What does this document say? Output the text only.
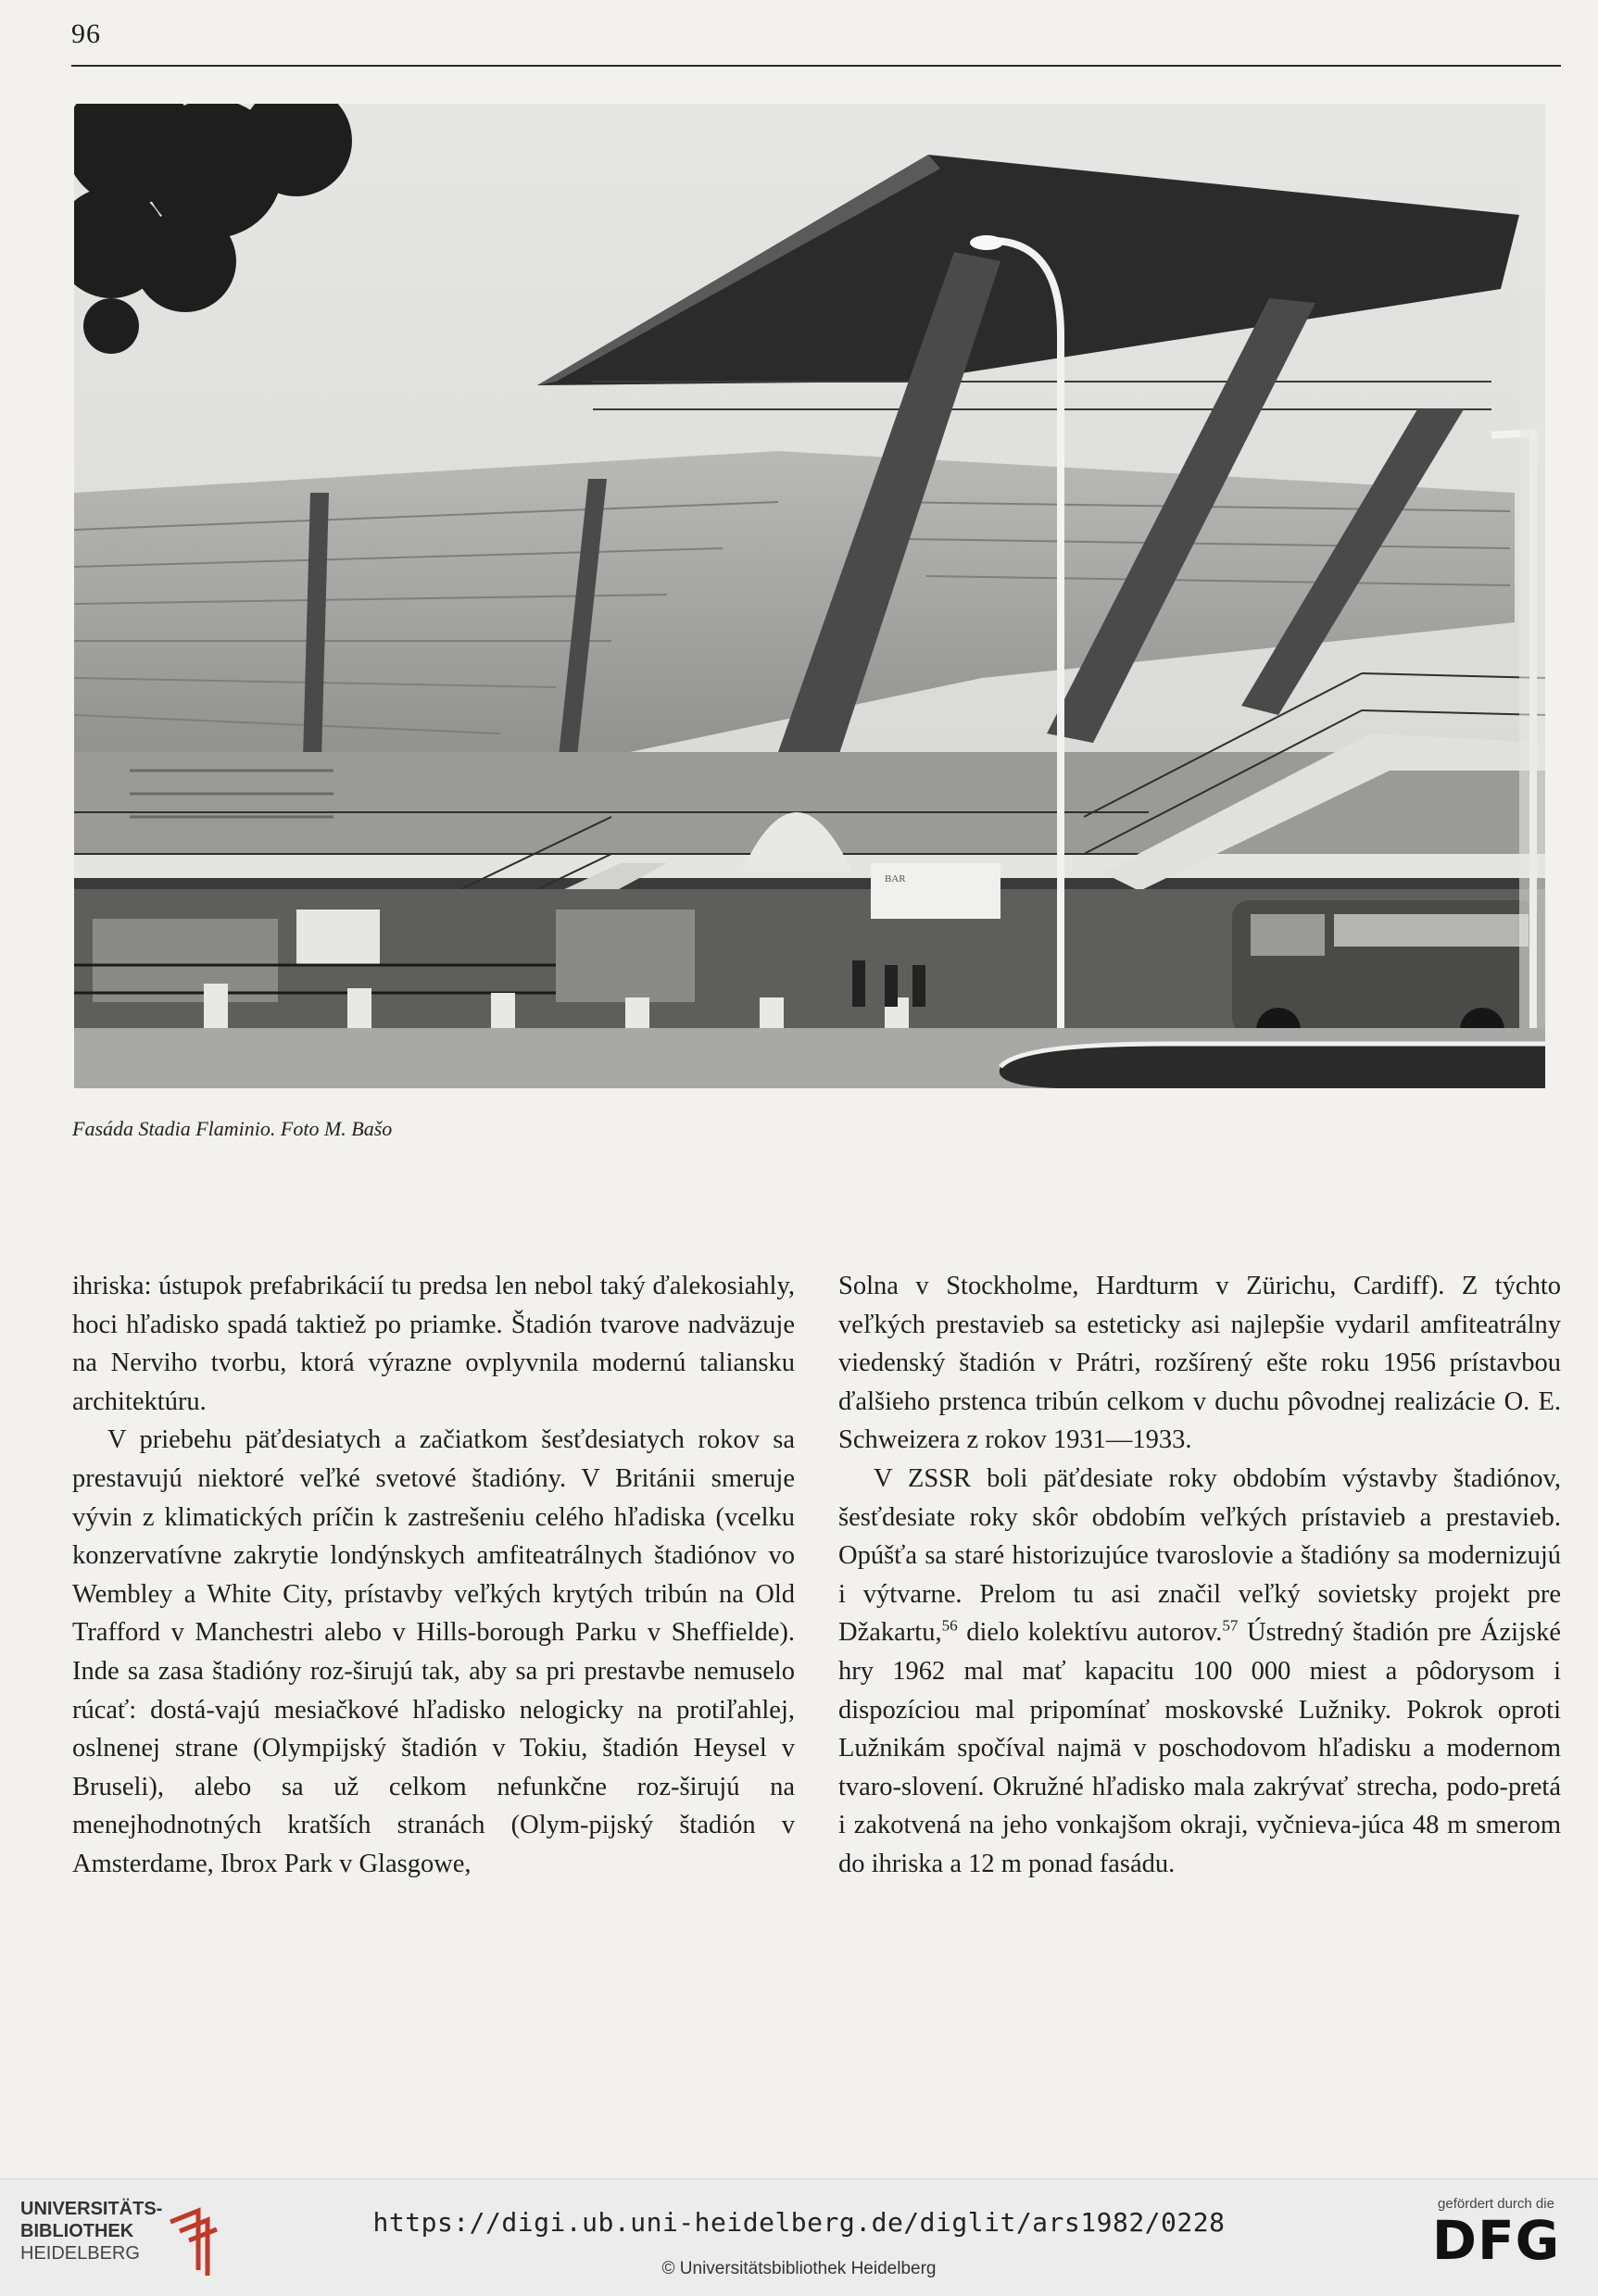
96
BAR
Fasáda Stadia Flaminio. Foto M. Bašo

ihriska: ústupok prefabrikácií tu predsa len nebol taký ďalekosiahly, hoci hľadisko spadá taktiež po priamke. Štadión tvarove nadväzuje na Nerviho tvorbu, ktorá výrazne ovplyvnila modernú taliansku architektúru.

V priebehu päťdesiatych a začiatkom šesťdesiatych rokov sa prestavujú niektoré veľké svetové štadióny. V Británii smeruje vývin z klimatických príčin k zastrešeniu celého hľadiska (vcelku konzervatívne zakrytie londýnskych amfiteatrálnych štadiónov vo Wembley a White City, prístavby veľkých krytých tribún na Old Trafford v Manchestri alebo v Hills-borough Parku v Sheffielde). Inde sa zasa štadióny roz-širujú tak, aby sa pri prestavbe nemuselo rúcať: dostá-vajú mesiačkové hľadisko nelogicky na protiľahlej, oslnenej strane (Olympijský štadión v Tokiu, štadión Heysel v Bruseli), alebo sa už celkom nefunkčne roz-širujú na menejhodnotných kratších stranách (Olym-pijský štadión v Amsterdame, Ibrox Park v Glasgowe,

Solna v Stockholme, Hardturm v Zürichu, Cardiff). Z týchto veľkých prestavieb sa esteticky asi najlepšie vydaril amfiteatrálny viedenský štadión v Prátri, rozšírený ešte roku 1956 prístavbou ďalšieho prstenca tribún celkom v duchu pôvodnej realizácie O. E. Schweizera z rokov 1931—1933.

V ZSSR boli päťdesiate roky obdobím výstavby štadiónov, šesťdesiate roky skôr obdobím veľkých prístavieb a prestavieb. Opúšťa sa staré historizujúce tvaroslovie a štadióny sa modernizujú i výtvarne. Prelom tu asi značil veľký sovietsky projekt pre Džakartu,$^{56}$ dielo kolektívu autorov.$^{57}$ Ústredný štadión pre Ázijské hry 1962 mal mať kapacitu 100 000 miest a pôdorysom i dispozíciou mal pripomínať moskovské Lužniky. Pokrok oproti Lužnikám spočíval najmä v poschodovom hľadisku a modernom tvaro-slovení. Okružné hľadisko mala zakrývať strecha, podo-pretá i zakotvená na jeho vonkajšom okraji, vyčnieva-júca 48 m smerom do ihriska a 12 m ponad fasádu.

UNIVERSITÄTS-
BIBLIOTHEK
HEIDELBERG
https://digi.ub.uni-heidelberg.de/diglit/ars1982/0228
© Universitätsbibliothek Heidelberg
gefördert durch die
DFG
